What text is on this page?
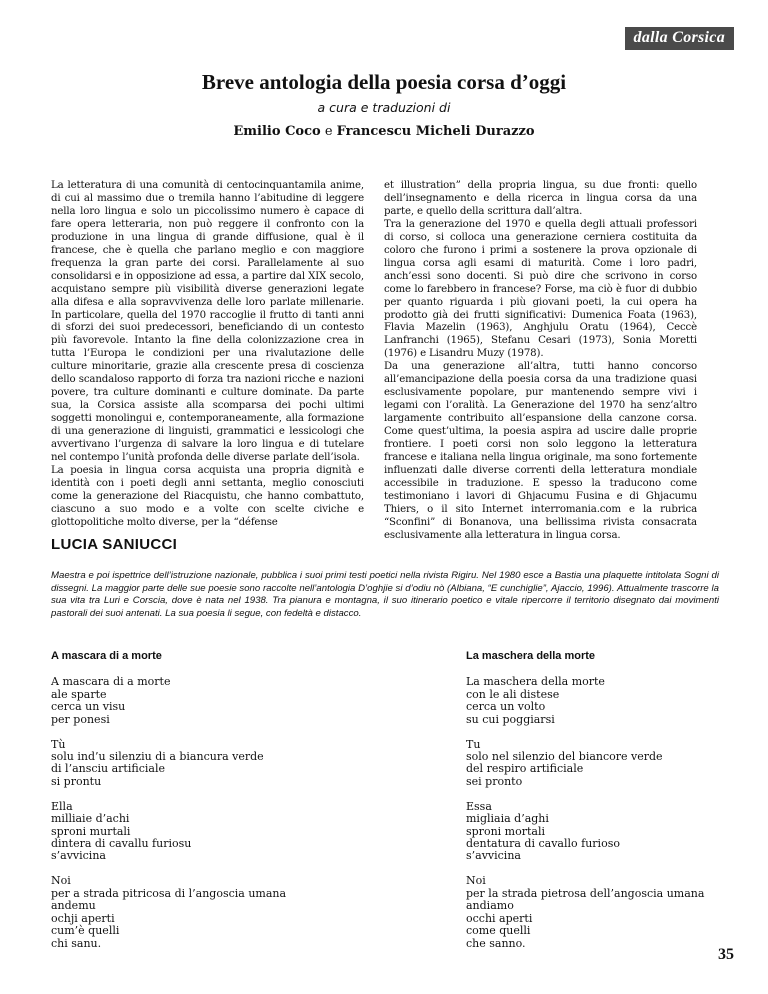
dalla Corsica
Breve antologia della poesia corsa d’oggi
a cura e traduzioni di
Emilio Coco e Francescu Micheli Durazzo

La letteratura di una comunità di centocinquantamila anime, di cui al massimo due o tremila hanno l’abitudine di leggere nella loro lingua e solo un piccolissimo numero è capace di fare opera letteraria, non può reggere il confronto con la produzione in una lingua di grande diffusione, qual è il francese, che è quella che parlano meglio e con maggiore frequenza la gran parte dei corsi. Parallelamente al suo consolidarsi e in opposizione ad essa, a partire dal XIX secolo, acquistano sempre più visibilità diverse generazioni legate alla difesa e alla sopravvivenza delle loro parlate millenarie. In particolare, quella del 1970 raccoglie il frutto di tanti anni di sforzi dei suoi predecessori, beneficiando di un contesto più favorevole. Intanto la fine della colonizzazione crea in tutta l’Europa le condizioni per una rivalutazione delle culture minoritarie, grazie alla crescente presa di coscienza dello scandaloso rapporto di forza tra nazioni ricche e nazioni povere, tra culture dominanti e culture dominate. Da parte sua, la Corsica assiste alla scomparsa dei pochi ultimi soggetti monolingui e, contemporaneamente, alla formazione di una generazione di linguisti, grammatici e lessicologi che avvertivano l’urgenza di salvare la loro lingua e di tutelare nel contempo l’unità profonda delle diverse parlate dell’isola.

La poesia in lingua corsa acquista una propria dignità e identità con i poeti degli anni settanta, meglio conosciuti come la generazione del Riacquistu, che hanno combattuto, ciascuno a suo modo e a volte con scelte civiche e glottopolitiche molto diverse, per la “défense

et illustration” della propria lingua, su due fronti: quello dell’insegnamento e della ricerca in lingua corsa da una parte, e quello della scrittura dall’altra.

Tra la generazione del 1970 e quella degli attuali professori di corso, si colloca una generazione cerniera costituita da coloro che furono i primi a sostenere la prova opzionale di lingua corsa agli esami di maturità. Come i loro padri, anch’essi sono docenti. Si può dire che scrivono in corso come lo farebbero in francese? Forse, ma ciò è fuor di dubbio per quanto riguarda i più giovani poeti, la cui opera ha prodotto già dei frutti significativi: Dumenica Foata (1963), Flavia Mazelin (1963), Anghjulu Oratu (1964), Ceccè Lanfranchi (1965), Stefanu Cesari (1973), Sonia Moretti (1976) e Lisandru Muzy (1978).

Da una generazione all’altra, tutti hanno concorso all’emancipazione della poesia corsa da una tradizione quasi esclusivamente popolare, pur mantenendo sempre vivi i legami con l’oralità. La Generazione del 1970 ha senz’altro largamente contribuito all’espansione della canzone corsa. Come quest’ultima, la poesia aspira ad uscire dalle proprie frontiere. I poeti corsi non solo leggono la letteratura francese e italiana nella lingua originale, ma sono fortemente influenzati dalle diverse correnti della letteratura mondiale accessibile in traduzione. E spesso la traducono come testimoniano i lavori di Ghjacumu Fusina e di Ghjacumu Thiers, o il sito Internet interromania.com e la rubrica “Sconfini” di Bonanova, una bellissima rivista consacrata esclusivamente alla letteratura in lingua corsa.

LUCIA SANIUCCI
Maestra e poi ispettrice dell’istruzione nazionale, pubblica i suoi primi testi poetici nella rivista Rigiru. Nel 1980 esce a Bastia una plaquette intitolata Sogni di dissegni. La maggior parte delle sue poesie sono raccolte nell’antologia D’oghjie si d’odiu nò (Albiana, “E cunchiglie”, Ajaccio, 1996). Attualmente trascorre la sua vita tra Luri e Corscia, dove è nata nel 1938. Tra pianura e montagna, il suo itinerario poetico e vitale ripercorre il territorio disegnato dai movimenti pastorali dei suoi antenati. La sua poesia li segue, con fedeltà e distacco.
A mascara di a morte
A mascara di a morte
ale sparte
cerca un visu
per ponesi
Tù
solu ind’u silenziu di a biancura verde
di l’ansciu artificiale
si prontu
Ella
milliaie d’achi
sproni murtali
dintera di cavallu furiosu
s’avvicina
Noi
per a strada pitricosa di l’angoscia umana
andemu
ochji aperti
cum’è quelli
chi sanu.
La maschera della morte
La maschera della morte
con le ali distese
cerca un volto
su cui poggiarsi
Tu
solo nel silenzio del biancore verde
del respiro artificiale
sei pronto
Essa
migliaia d’aghi
sproni mortali
dentatura di cavallo furioso
s’avvicina
Noi
per la strada pietrosa dell’angoscia umana
andiamo
occhi aperti
come quelli
che sanno.
35
